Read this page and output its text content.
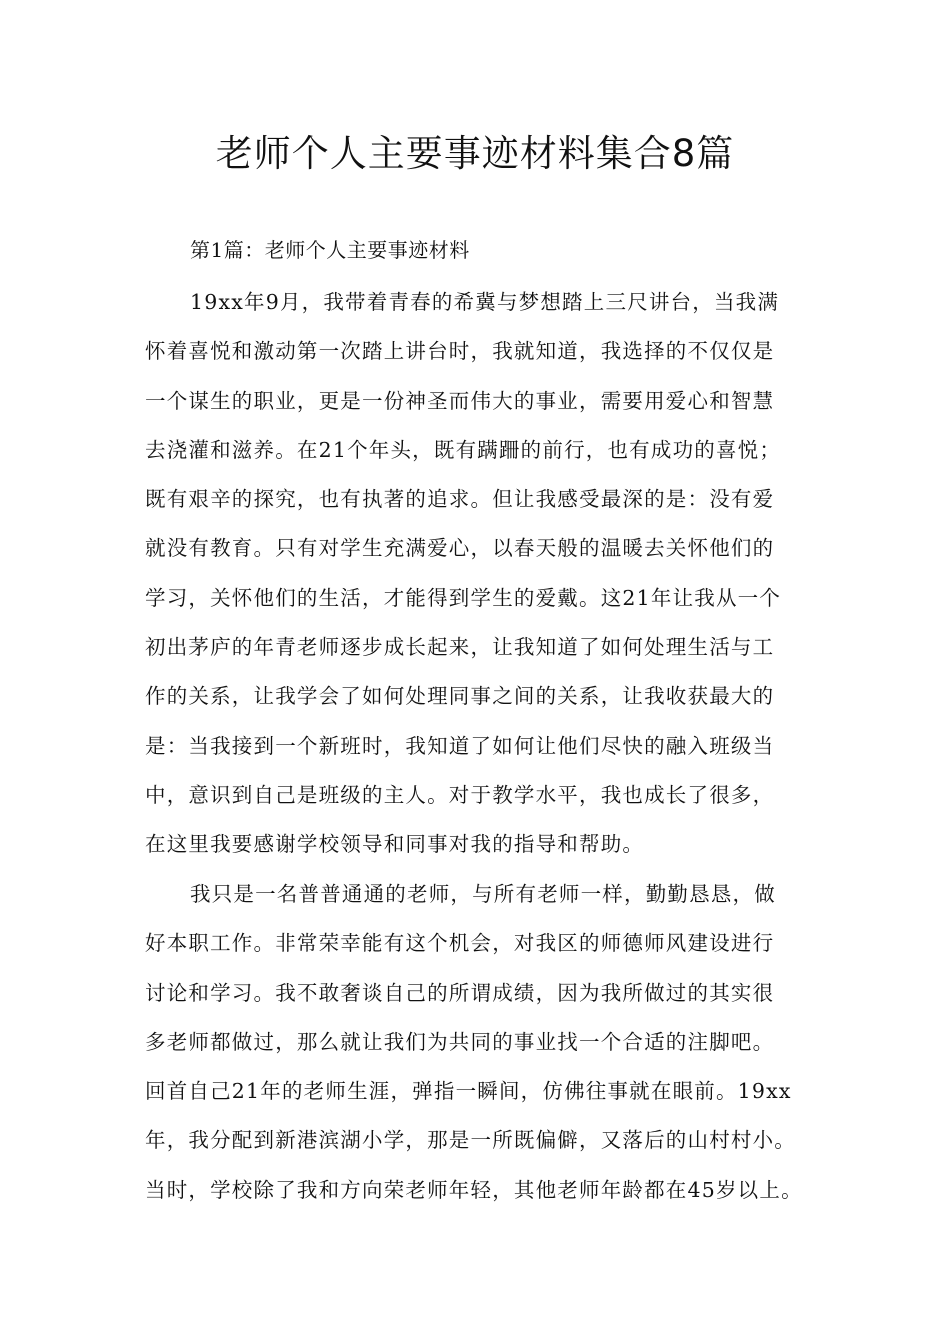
老师个人主要事迹材料集合8篇

第1篇：老师个人主要事迹材料

19xx年9月，我带着青春的希冀与梦想踏上三尺讲台，当我满
怀着喜悦和激动第一次踏上讲台时，我就知道，我选择的不仅仅是
一个谋生的职业，更是一份神圣而伟大的事业，需要用爱心和智慧
去浇灌和滋养。在21个年头，既有蹒跚的前行，也有成功的喜悦；
既有艰辛的探究，也有执著的追求。但让我感受最深的是：没有爱
就没有教育。只有对学生充满爱心，以春天般的温暖去关怀他们的
学习，关怀他们的生活，才能得到学生的爱戴。这21年让我从一个
初出茅庐的年青老师逐步成长起来，让我知道了如何处理生活与工
作的关系，让我学会了如何处理同事之间的关系，让我收获最大的
是：当我接到一个新班时，我知道了如何让他们尽快的融入班级当
中，意识到自己是班级的主人。对于教学水平，我也成长了很多，
在这里我要感谢学校领导和同事对我的指导和帮助。
我只是一名普普通通的老师，与所有老师一样，勤勤恳恳，做
好本职工作。非常荣幸能有这个机会，对我区的师德师风建设进行
讨论和学习。我不敢奢谈自己的所谓成绩，因为我所做过的其实很
多老师都做过，那么就让我们为共同的事业找一个合适的注脚吧。
回首自己21年的老师生涯，弹指一瞬间，仿佛往事就在眼前。19xx
年，我分配到新港滨湖小学，那是一所既偏僻，又落后的山村村小。
当时，学校除了我和方向荣老师年轻，其他老师年龄都在45岁以上。
